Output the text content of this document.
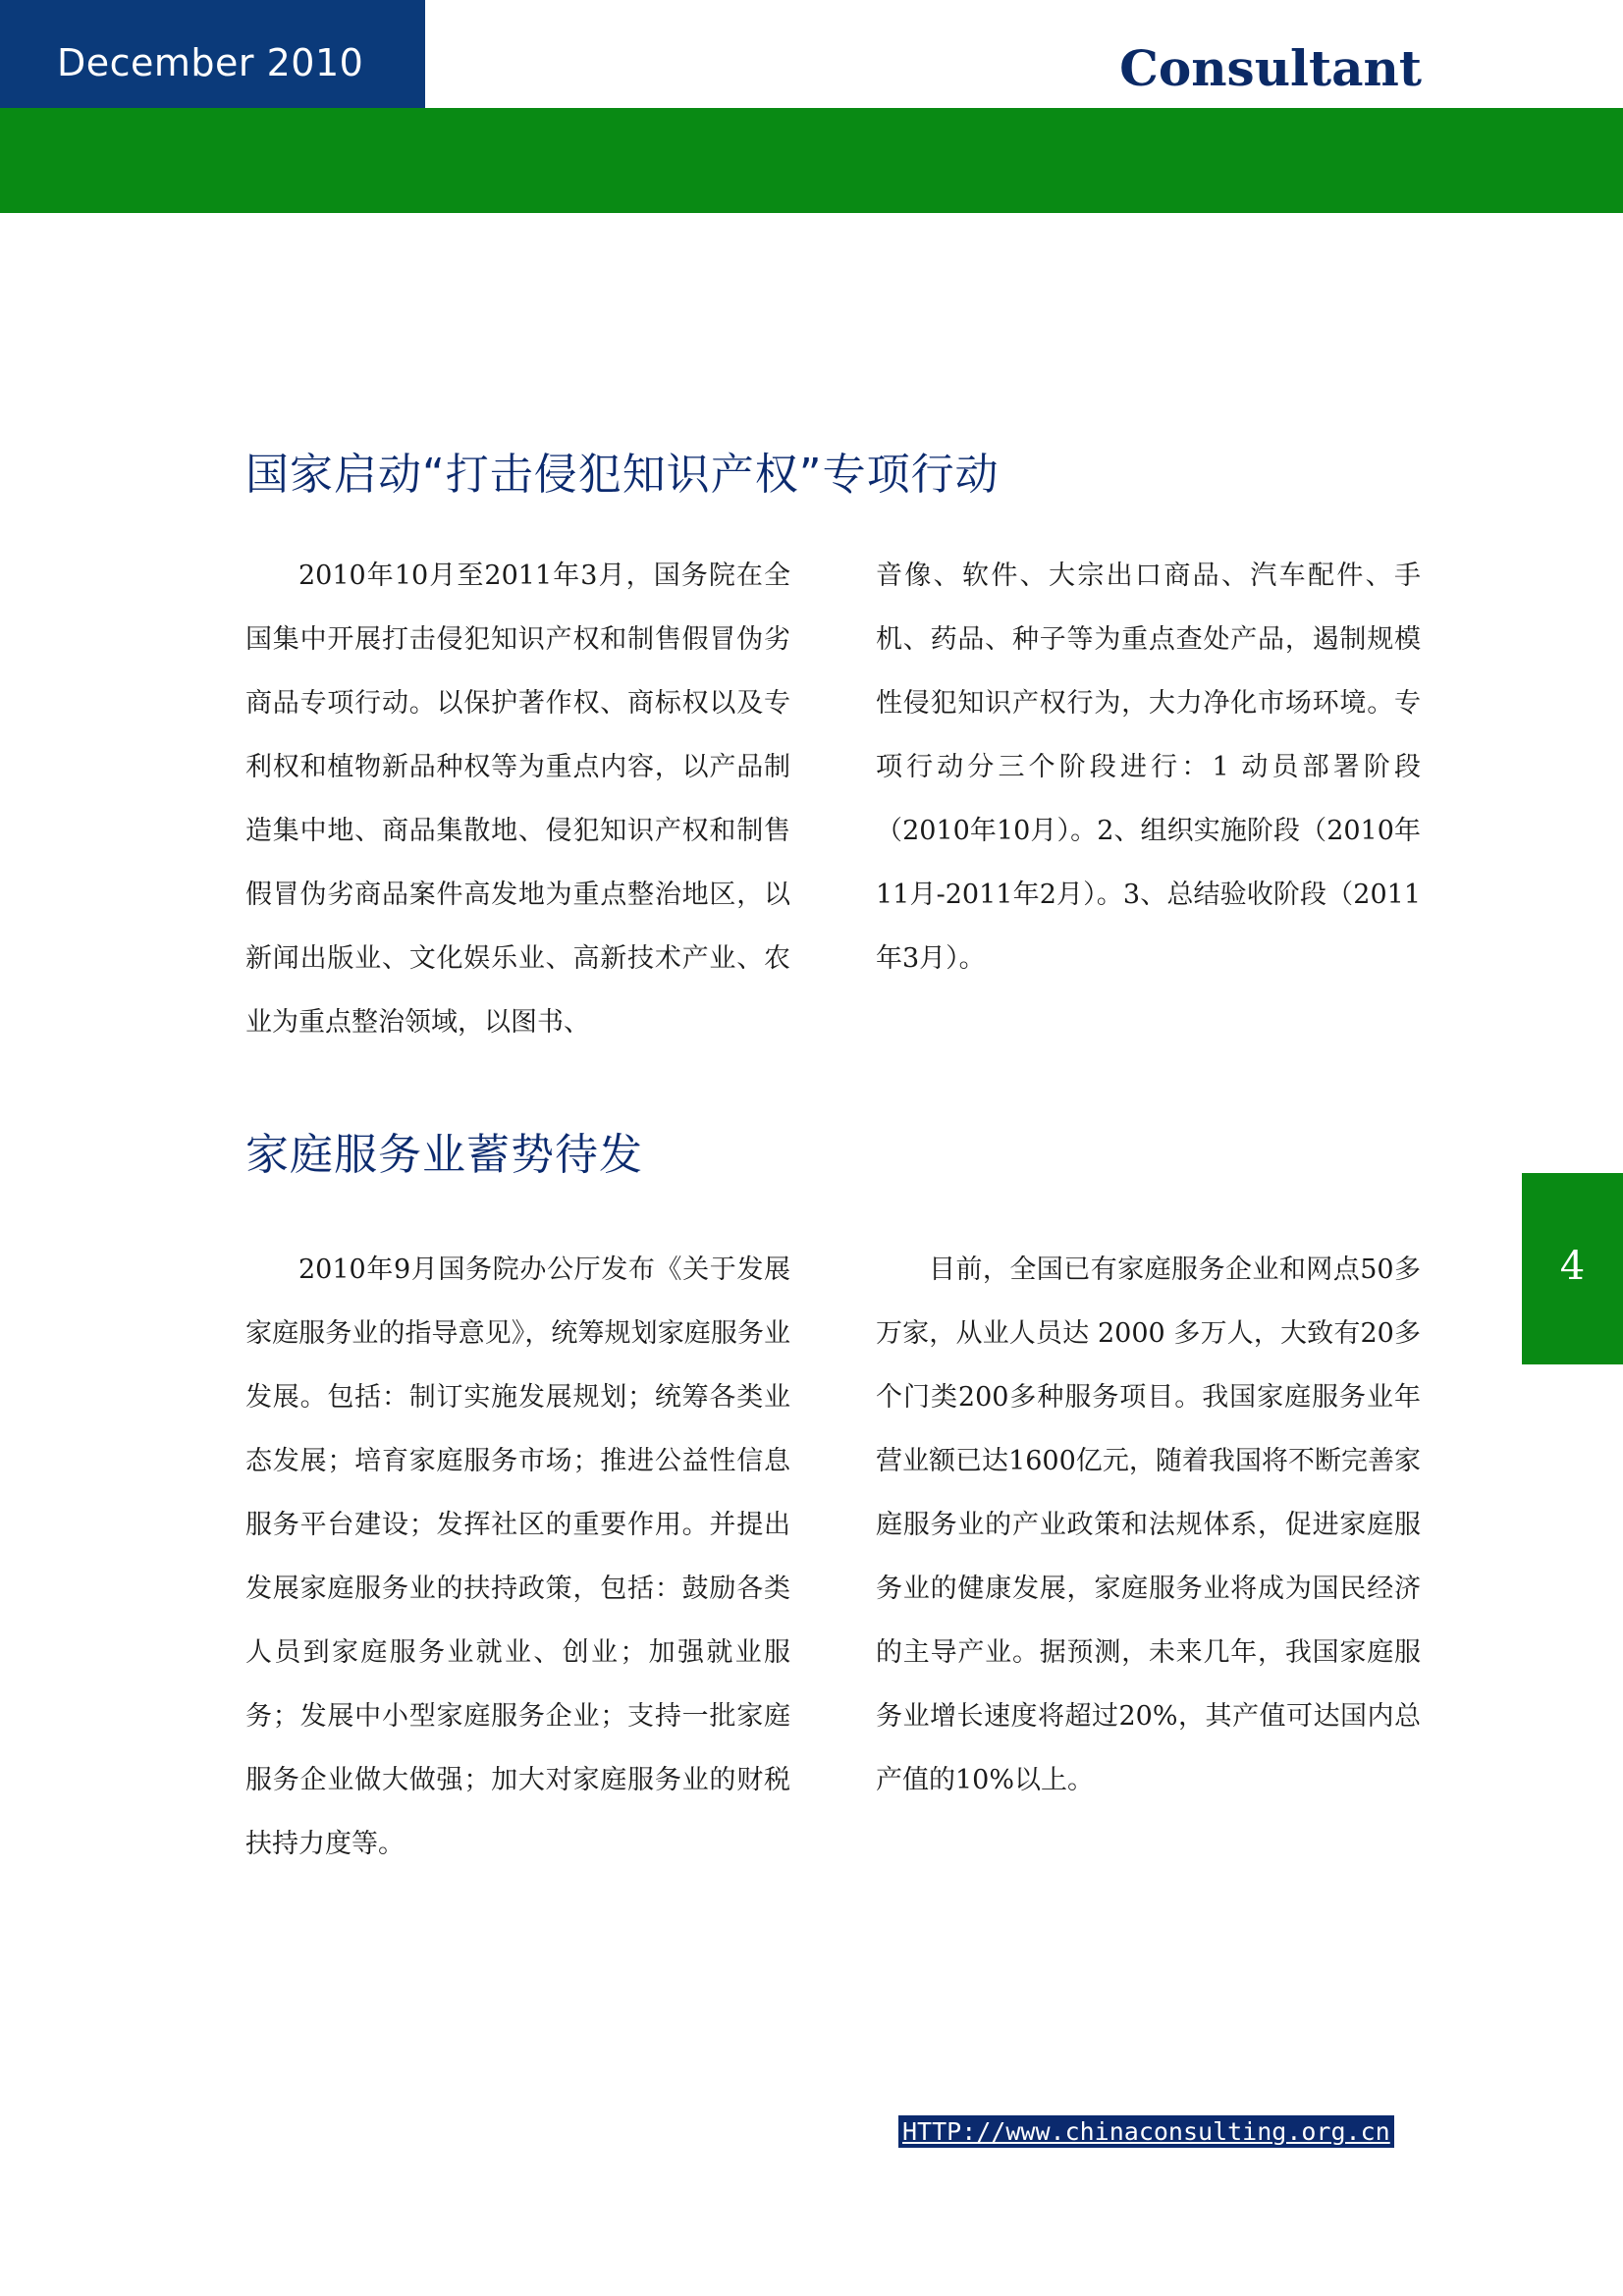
December 2010	Consultant
国家启动“打击侵犯知识产权”专项行动

2010年10月至2011年3月，国务院在全国集中开展打击侵犯知识产权和制售假冒伪劣商品专项行动。以保护著作权、商标权以及专利权和植物新品种权等为重点内容，以产品制造集中地、商品集散地、侵犯知识产权和制售假冒伪劣商品案件高发地为重点整治地区，以新闻出版业、文化娱乐业、高新技术产业、农业为重点整治领域，以图书、

音像、软件、大宗出口商品、汽车配件、手机、药品、种子等为重点查处产品，遏制规模性侵犯知识产权行为，大力净化市场环境。专项行动分三个阶段进行：1 动员部署阶段（2010年10月）。2、组织实施阶段（2010年11月-2011年2月）。3、总结验收阶段（2011年3月）。

家庭服务业蓄势待发

2010年9月国务院办公厅发布《关于发展家庭服务业的指导意见》，统筹规划家庭服务业发展。包括：制订实施发展规划；统筹各类业态发展；培育家庭服务市场；推进公益性信息服务平台建设；发挥社区的重要作用。并提出发展家庭服务业的扶持政策，包括：鼓励各类人员到家庭服务业就业、创业；加强就业服务；发展中小型家庭服务企业；支持一批家庭服务企业做大做强；加大对家庭服务业的财税扶持力度等。

目前，全国已有家庭服务企业和网点50多万家，从业人员达 2000 多万人，大致有20多个门类200多种服务项目。我国家庭服务业年营业额已达1600亿元，随着我国将不断完善家庭服务业的产业政策和法规体系，促进家庭服务业的健康发展，家庭服务业将成为国民经济的主导产业。据预测，未来几年，我国家庭服务业增长速度将超过20%，其产值可达国内总产值的10%以上。

4
HTTP://www.chinaconsulting.org.cn
